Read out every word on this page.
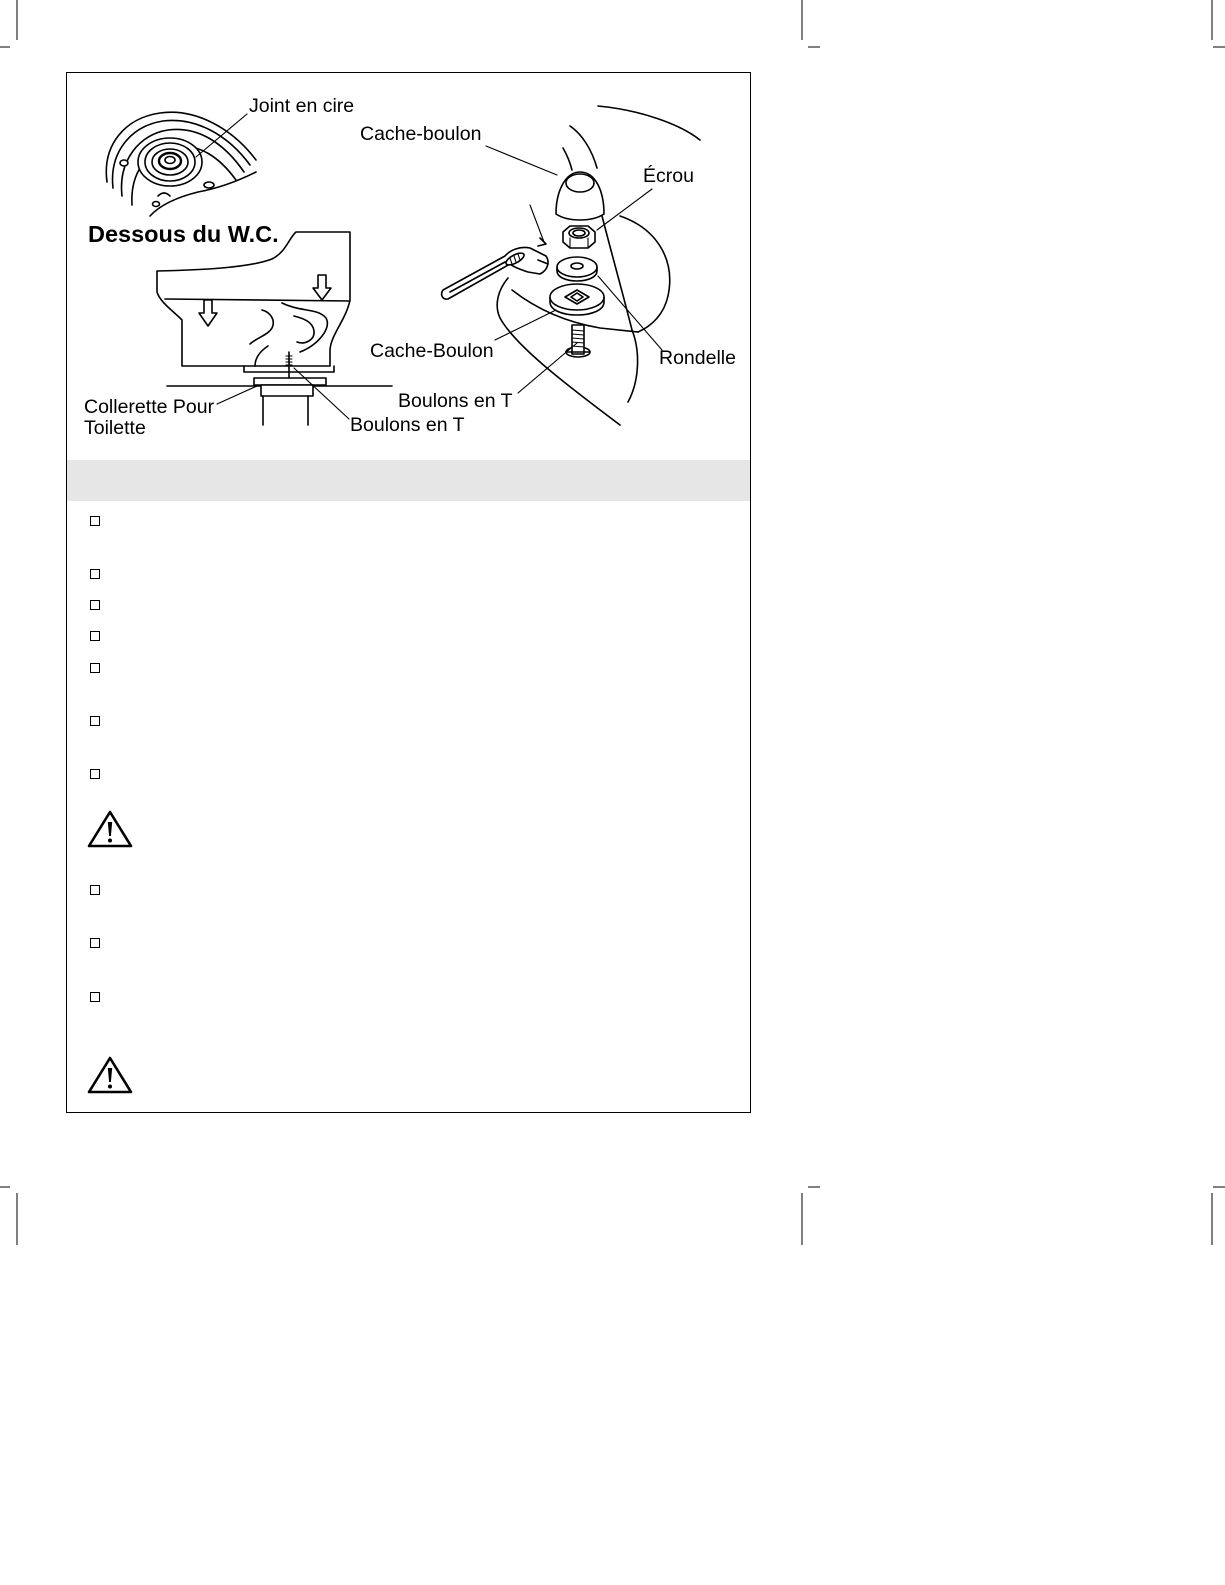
Joint en cire
Cache-boulon
Écrou
Dessous du W.C.
Cache-Boulon	Rondelle
Boulons en T
Collerette Pour
Toilette	Boulons en T
